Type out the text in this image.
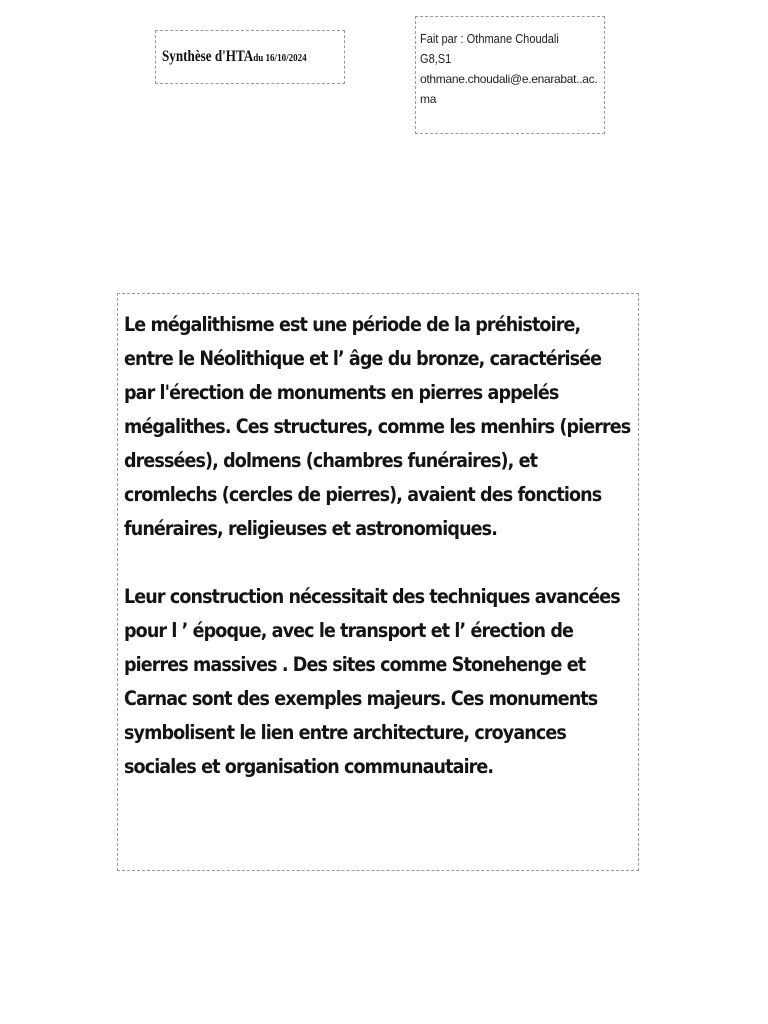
Synthèse d'HTAdu 16/10/2024
Fait par : Othmane Choudali
G8,S1
othmane.choudali@e.enarabat..ac.ma

Le mégalithisme est une période de la préhistoire, entre le Néolithique et l’ âge du bronze, caractérisée par l'érection de monuments en pierres appelés mégalithes. Ces structures, comme les menhirs (pierres dressées), dolmens (chambres funéraires), et cromlechs (cercles de pierres), avaient des fonctions funéraires, religieuses et astronomiques.

Leur construction nécessitait des techniques avancées pour l ’ époque, avec le transport et l’ érection de pierres massives . Des sites comme Stonehenge et Carnac sont des exemples majeurs. Ces monuments symbolisent le lien entre architecture, croyances sociales et organisation communautaire.
